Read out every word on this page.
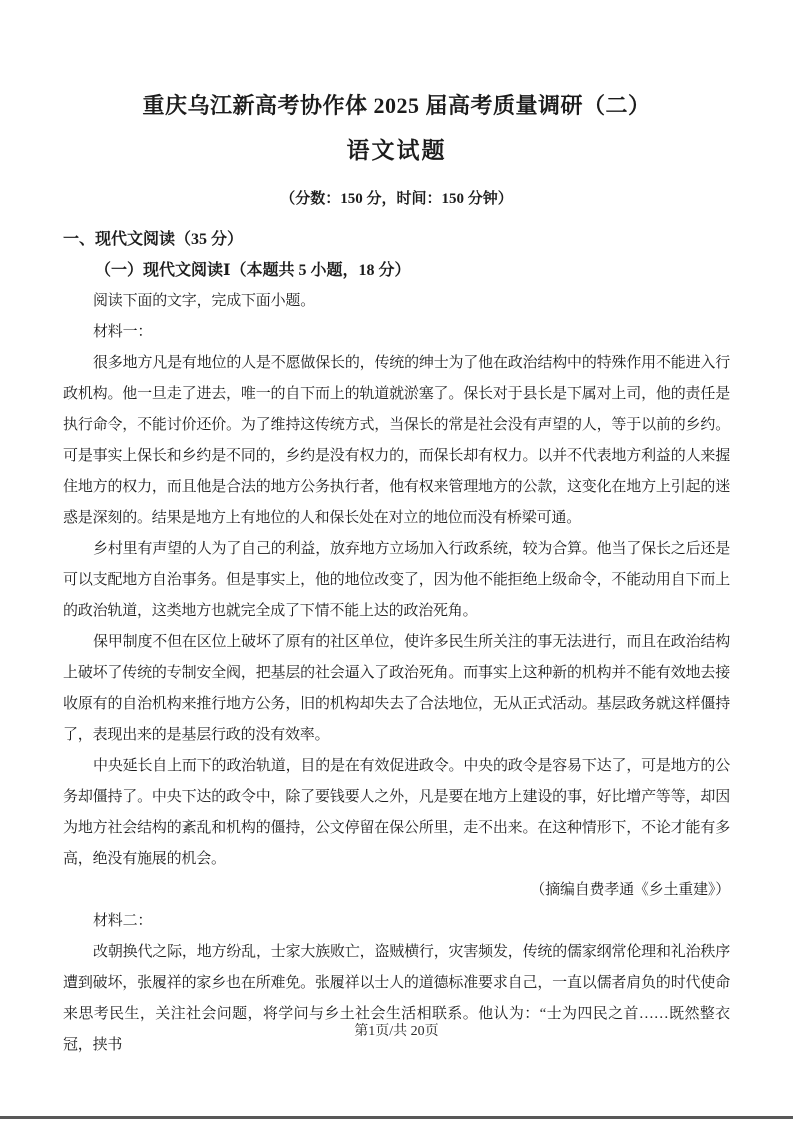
重庆乌江新高考协作体 2025 届高考质量调研（二）
语文试题

（分数：150 分，时间：150 分钟）

一、现代文阅读（35 分）

（一）现代文阅读Ⅰ（本题共 5 小题，18 分）

阅读下面的文字，完成下面小题。

材料一：

很多地方凡是有地位的人是不愿做保长的，传统的绅士为了他在政治结构中的特殊作用不能进入行政机构。他一旦走了进去，唯一的自下而上的轨道就淤塞了。保长对于县长是下属对上司，他的责任是执行命令，不能讨价还价。为了维持这传统方式，当保长的常是社会没有声望的人，等于以前的乡约。可是事实上保长和乡约是不同的，乡约是没有权力的，而保长却有权力。以并不代表地方利益的人来握住地方的权力，而且他是合法的地方公务执行者，他有权来管理地方的公款，这变化在地方上引起的迷惑是深刻的。结果是地方上有地位的人和保长处在对立的地位而没有桥梁可通。

乡村里有声望的人为了自己的利益，放弃地方立场加入行政系统，较为合算。他当了保长之后还是可以支配地方自治事务。但是事实上，他的地位改变了，因为他不能拒绝上级命令，不能动用自下而上的政治轨道，这类地方也就完全成了下情不能上达的政治死角。

保甲制度不但在区位上破坏了原有的社区单位，使许多民生所关注的事无法进行，而且在政治结构上破坏了传统的专制安全阀，把基层的社会逼入了政治死角。而事实上这种新的机构并不能有效地去接收原有的自治机构来推行地方公务，旧的机构却失去了合法地位，无从正式活动。基层政务就这样僵持了，表现出来的是基层行政的没有效率。

中央延长自上而下的政治轨道，目的是在有效促进政令。中央的政令是容易下达了，可是地方的公务却僵持了。中央下达的政令中，除了要钱要人之外，凡是要在地方上建设的事，好比增产等等，却因为地方社会结构的紊乱和机构的僵持，公文停留在保公所里，走不出来。在这种情形下，不论才能有多高，绝没有施展的机会。

（摘编自费孝通《乡土重建》）

材料二：

改朝换代之际，地方纷乱，士家大族败亡，盗贼横行，灾害频发，传统的儒家纲常伦理和礼治秩序遭到破坏，张履祥的家乡也在所难免。张履祥以士人的道德标准要求自己，一直以儒者肩负的时代使命来思考民生，关注社会问题，将学问与乡土社会生活相联系。他认为：“士为四民之首……既然整衣冠，挟书

第1页/共 20页
